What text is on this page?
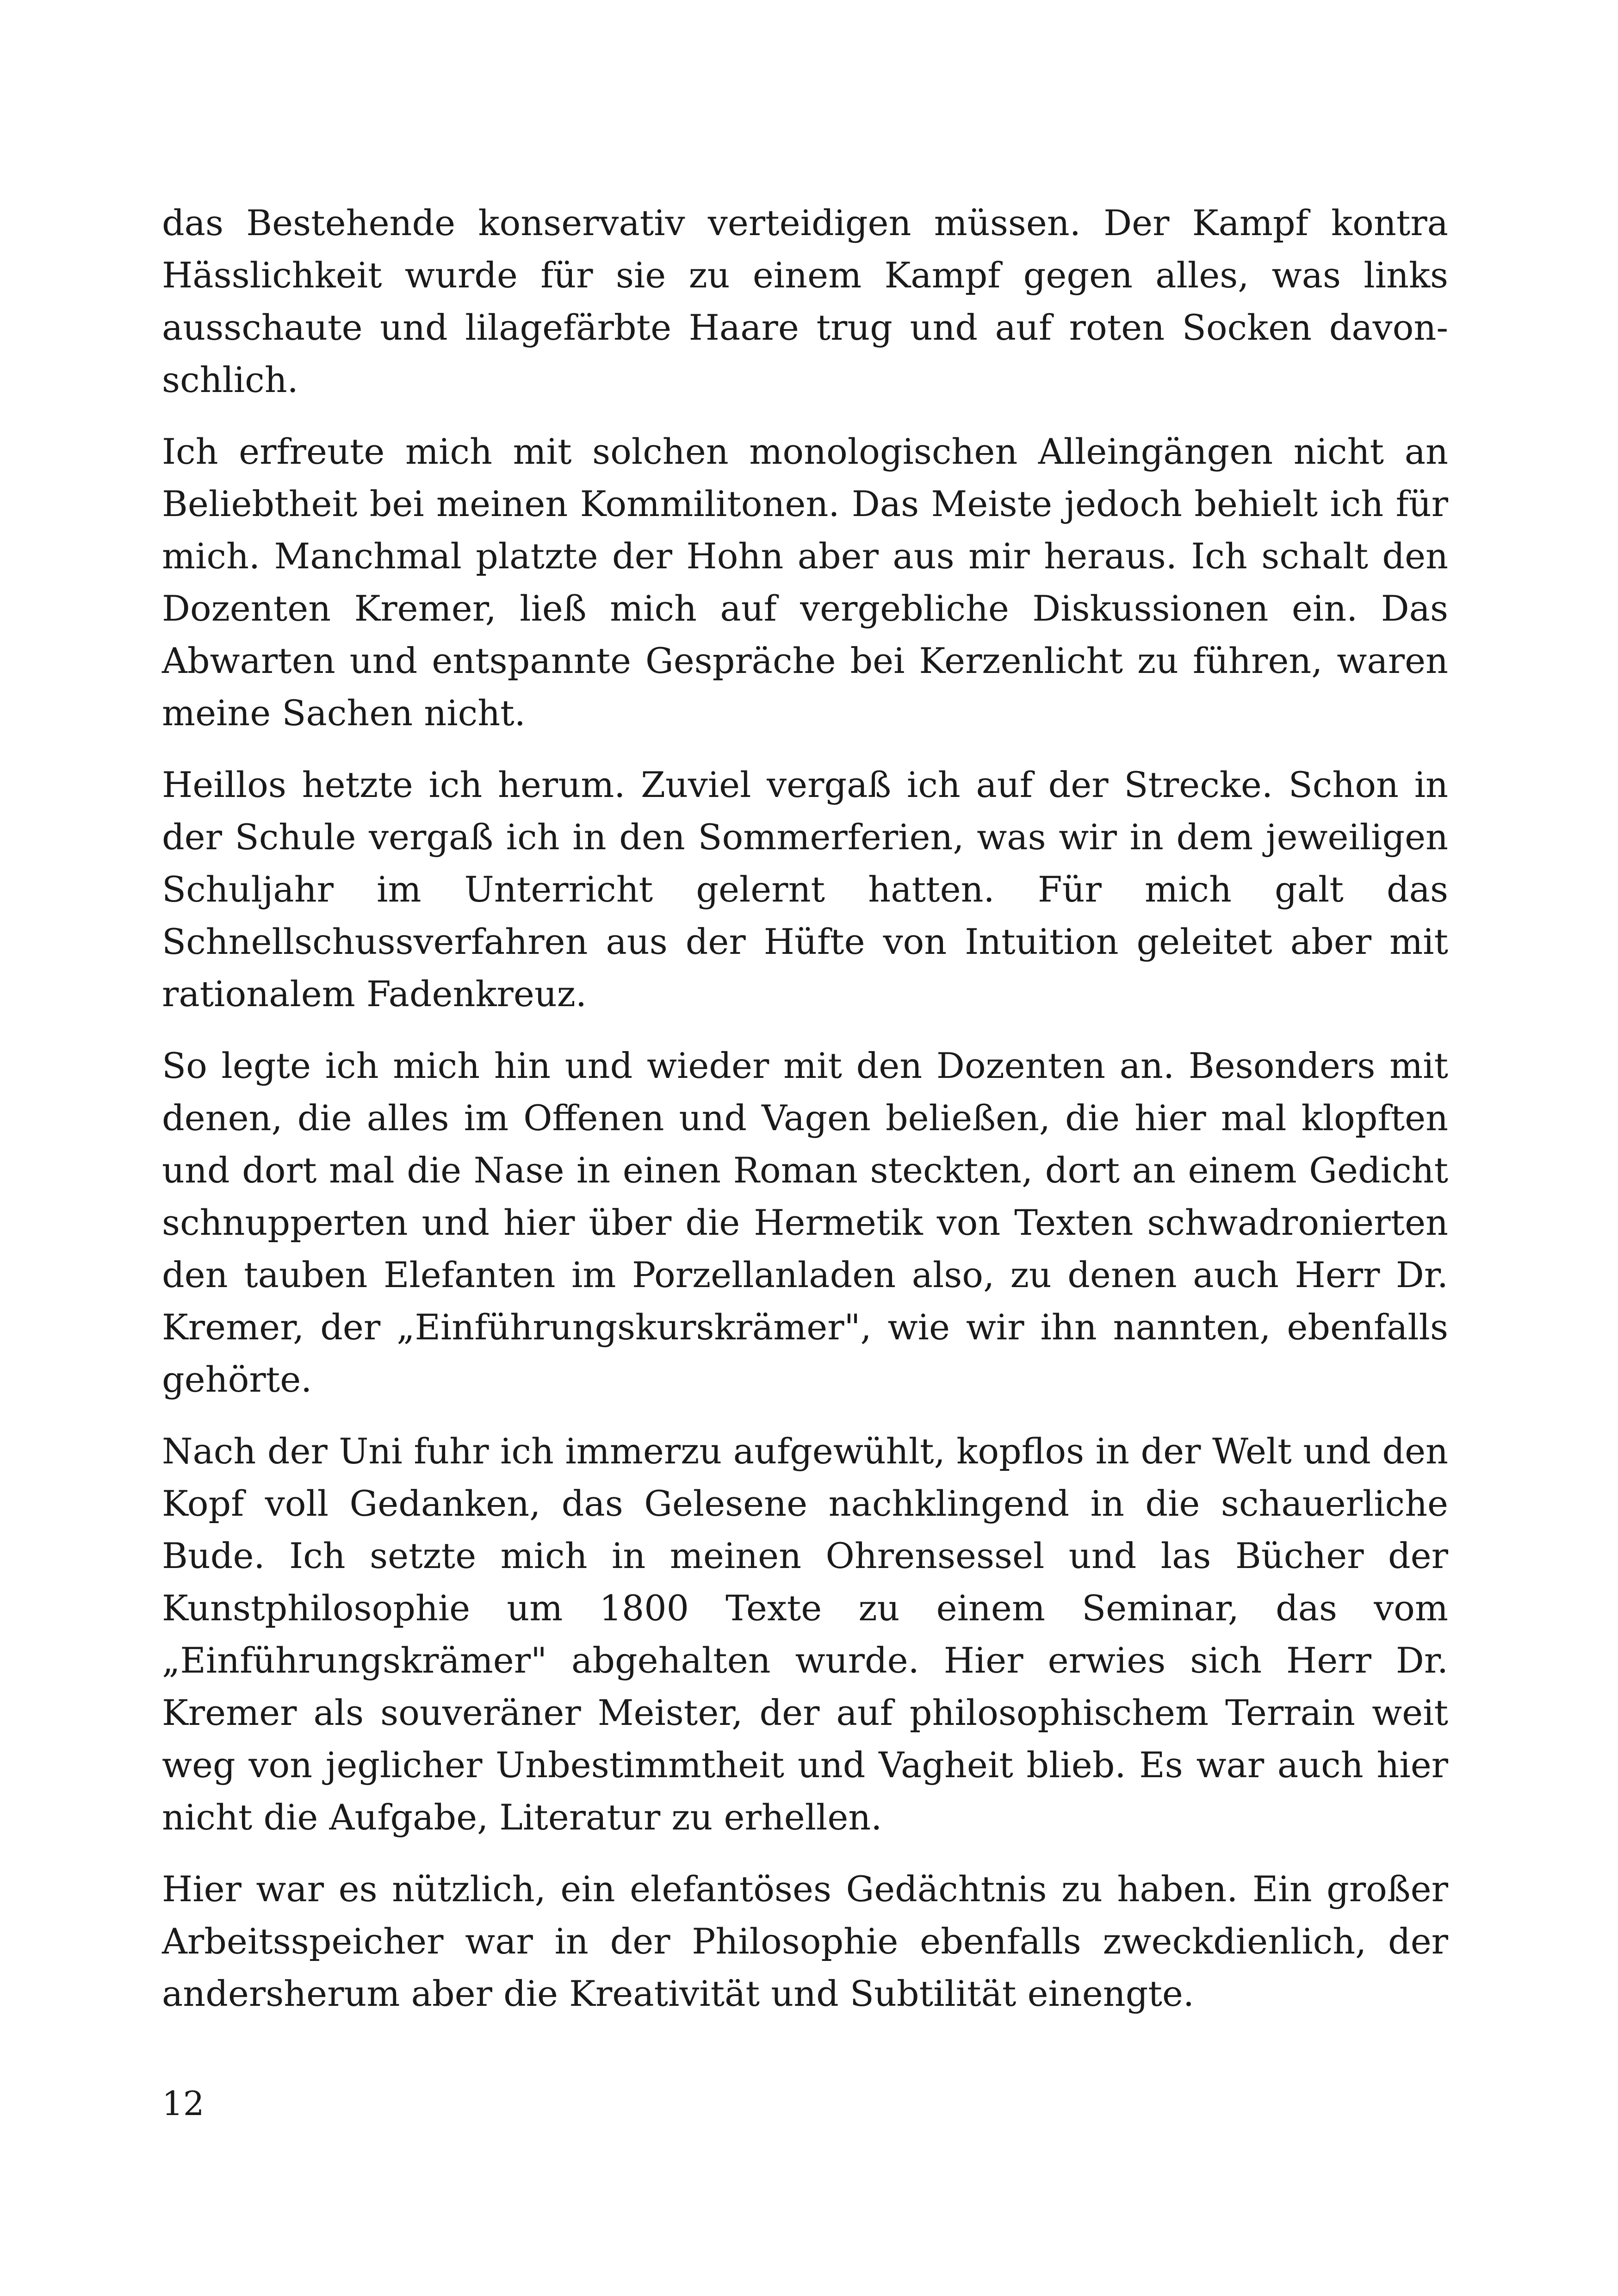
das Bestehende konservativ verteidigen müssen. Der Kampf kontra Hässlichkeit wurde für sie zu einem Kampf gegen alles, was links ausschaute und lilagefärbte Haare trug und auf roten Socken davonschlich.

Ich erfreute mich mit solchen monologischen Alleingängen nicht an Beliebtheit bei meinen Kommilitonen. Das Meiste jedoch behielt ich für mich. Manchmal platzte der Hohn aber aus mir heraus. Ich schalt den Dozenten Kremer, ließ mich auf vergebliche Diskussionen ein. Das Abwarten und entspannte Gespräche bei Kerzenlicht zu führen, waren meine Sachen nicht.

Heillos hetzte ich herum. Zuviel vergaß ich auf der Strecke. Schon in der Schule vergaß ich in den Sommerferien, was wir in dem jeweiligen Schuljahr im Unterricht gelernt hatten. Für mich galt das Schnellschussverfahren aus der Hüfte von Intuition geleitet aber mit rationalem Fadenkreuz.

So legte ich mich hin und wieder mit den Dozenten an. Besonders mit denen, die alles im Offenen und Vagen beließen, die hier mal klopften und dort mal die Nase in einen Roman steckten, dort an einem Gedicht schnupperten und hier über die Hermetik von Texten schwadronierten den tauben Elefanten im Porzellanladen also, zu denen auch Herr Dr. Kremer, der „Einführungskurskrämer", wie wir ihn nannten, ebenfalls gehörte.

Nach der Uni fuhr ich immerzu aufgewühlt, kopflos in der Welt und den Kopf voll Gedanken, das Gelesene nachklingend in die schauerliche Bude. Ich setzte mich in meinen Ohrensessel und las Bücher der Kunstphilosophie um 1800 Texte zu einem Seminar, das vom „Einführungskrämer" abgehalten wurde. Hier erwies sich Herr Dr. Kremer als souveräner Meister, der auf philosophischem Terrain weit weg von jeglicher Unbestimmtheit und Vagheit blieb. Es war auch hier nicht die Aufgabe, Literatur zu erhellen.

Hier war es nützlich, ein elefantöses Gedächtnis zu haben. Ein großer Arbeitsspeicher war in der Philosophie ebenfalls zweckdienlich, der andersherum aber die Kreativität und Subtilität einengte.

12
